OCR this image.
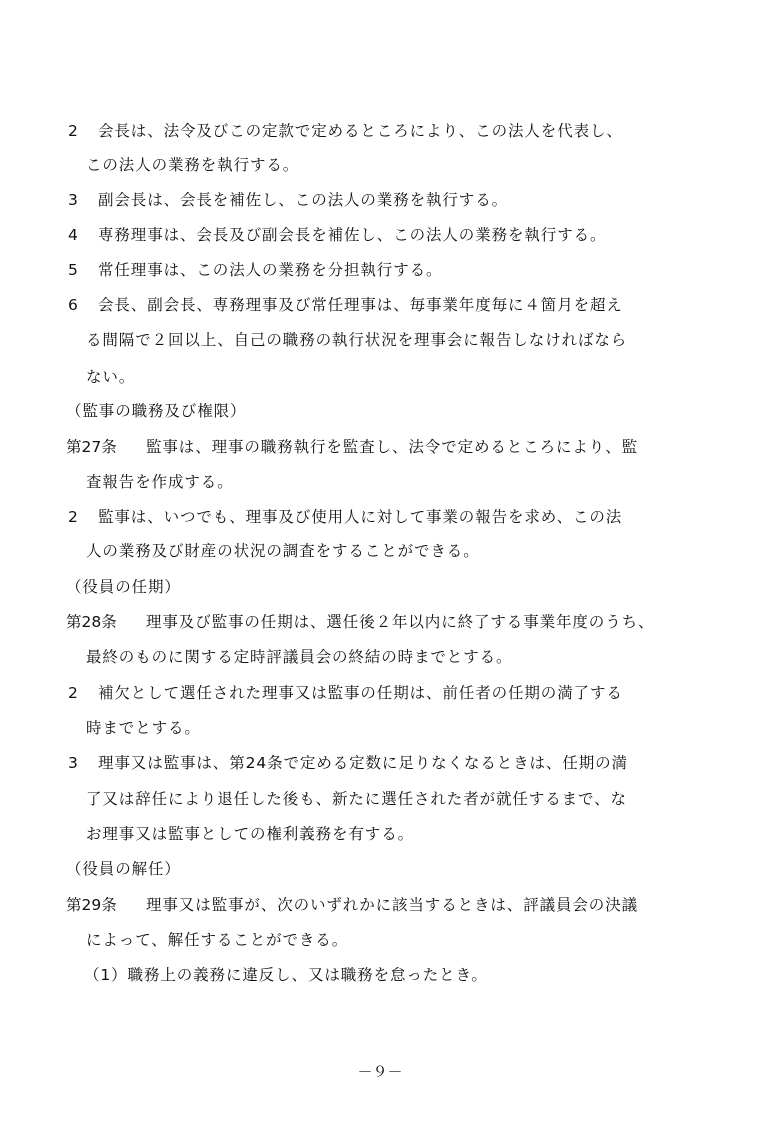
2 会長は、法令及びこの定款で定めるところにより、この法人を代表し、
この法人の業務を執行する。
3 副会長は、会長を補佐し、この法人の業務を執行する。
4 専務理事は、会長及び副会長を補佐し、この法人の業務を執行する。
5 常任理事は、この法人の業務を分担執行する。
6 会長、副会長、専務理事及び常任理事は、毎事業年度毎に４箇月を超え
る間隔で２回以上、自己の職務の執行状況を理事会に報告しなければなら
ない。
（監事の職務及び権限）
第27条 監事は、理事の職務執行を監査し、法令で定めるところにより、監
査報告を作成する。
2 監事は、いつでも、理事及び使用人に対して事業の報告を求め、この法
人の業務及び財産の状況の調査をすることができる。
（役員の任期）
第28条 理事及び監事の任期は、選任後２年以内に終了する事業年度のうち、
最終のものに関する定時評議員会の終結の時までとする。
2 補欠として選任された理事又は監事の任期は、前任者の任期の満了する
時までとする。
3 理事又は監事は、第24条で定める定数に足りなくなるときは、任期の満
了又は辞任により退任した後も、新たに選任された者が就任するまで、な
お理事又は監事としての権利義務を有する。
（役員の解任）
第29条 理事又は監事が、次のいずれかに該当するときは、評議員会の決議
によって、解任することができる。
（1）職務上の義務に違反し、又は職務を怠ったとき。
－９－
